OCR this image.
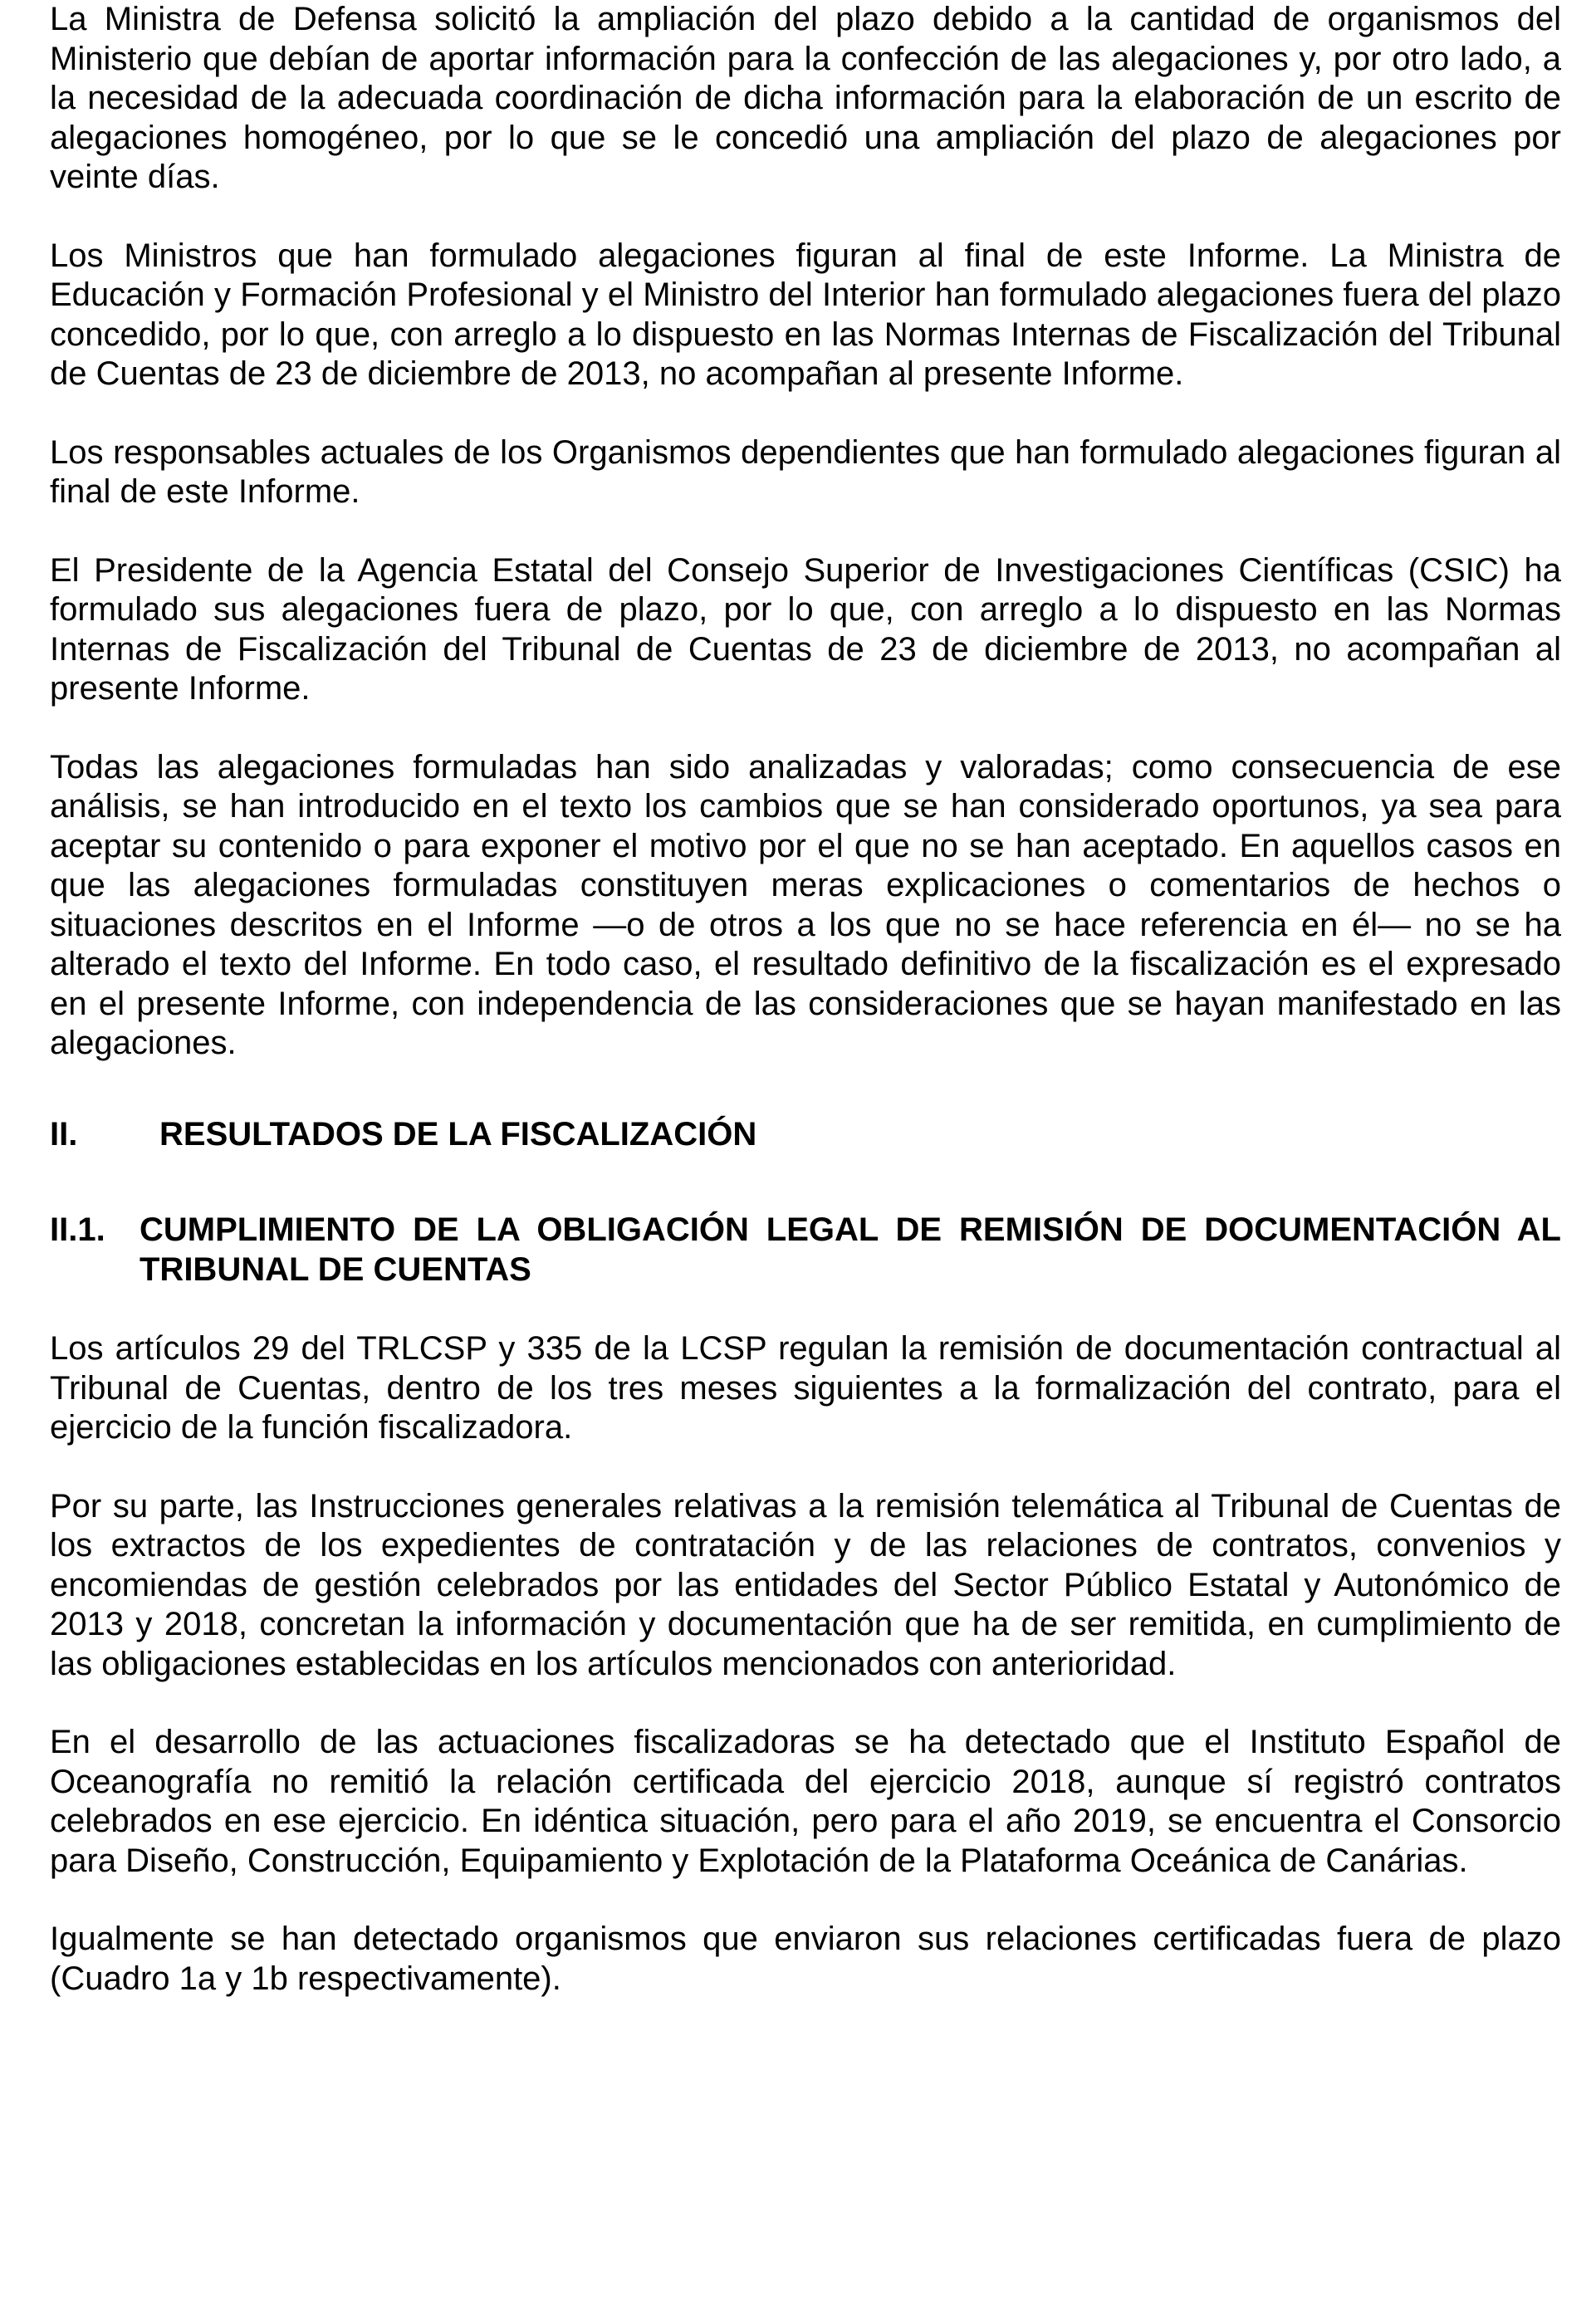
La Ministra de Defensa solicitó la ampliación del plazo debido a la cantidad de organismos del Ministerio que debían de aportar información para la confección de las alegaciones y, por otro lado, a la necesidad de la adecuada coordinación de dicha información para la elaboración de un escrito de alegaciones homogéneo, por lo que se le concedió una ampliación del plazo de alegaciones por veinte días.

Los Ministros que han formulado alegaciones figuran al final de este Informe. La Ministra de Educación y Formación Profesional y el Ministro del Interior han formulado alegaciones fuera del plazo concedido, por lo que, con arreglo a lo dispuesto en las Normas Internas de Fiscalización del Tribunal de Cuentas de 23 de diciembre de 2013, no acompañan al presente Informe.

Los responsables actuales de los Organismos dependientes que han formulado alegaciones figuran al final de este Informe.

El Presidente de la Agencia Estatal del Consejo Superior de Investigaciones Científicas (CSIC) ha formulado sus alegaciones fuera de plazo, por lo que, con arreglo a lo dispuesto en las Normas Internas de Fiscalización del Tribunal de Cuentas de 23 de diciembre de 2013, no acompañan al presente Informe.

Todas las alegaciones formuladas han sido analizadas y valoradas; como consecuencia de ese análisis, se han introducido en el texto los cambios que se han considerado oportunos, ya sea para aceptar su contenido o para exponer el motivo por el que no se han aceptado. En aquellos casos en que las alegaciones formuladas constituyen meras explicaciones o comentarios de hechos o situaciones descritos en el Informe —o de otros a los que no se hace referencia en él— no se ha alterado el texto del Informe. En todo caso, el resultado definitivo de la fiscalización es el expresado en el presente Informe, con independencia de las consideraciones que se hayan manifestado en las alegaciones.

II.	RESULTADOS DE LA FISCALIZACIÓN
II.1.	CUMPLIMIENTO DE LA OBLIGACIÓN LEGAL DE REMISIÓN DE DOCUMENTACIÓN AL TRIBUNAL DE CUENTAS

Los artículos 29 del TRLCSP y 335 de la LCSP regulan la remisión de documentación contractual al Tribunal de Cuentas, dentro de los tres meses siguientes a la formalización del contrato, para el ejercicio de la función fiscalizadora.

Por su parte, las Instrucciones generales relativas a la remisión telemática al Tribunal de Cuentas de los extractos de los expedientes de contratación y de las relaciones de contratos, convenios y encomiendas de gestión celebrados por las entidades del Sector Público Estatal y Autonómico de 2013 y 2018, concretan la información y documentación que ha de ser remitida, en cumplimiento de las obligaciones establecidas en los artículos mencionados con anterioridad.

En el desarrollo de las actuaciones fiscalizadoras se ha detectado que el Instituto Español de Oceanografía no remitió la relación certificada del ejercicio 2018, aunque sí registró contratos celebrados en ese ejercicio. En idéntica situación, pero para el año 2019, se encuentra el Consorcio para Diseño, Construcción, Equipamiento y Explotación de la Plataforma Oceánica de Canárias.

Igualmente se han detectado organismos que enviaron sus relaciones certificadas fuera de plazo (Cuadro 1a y 1b respectivamente).
